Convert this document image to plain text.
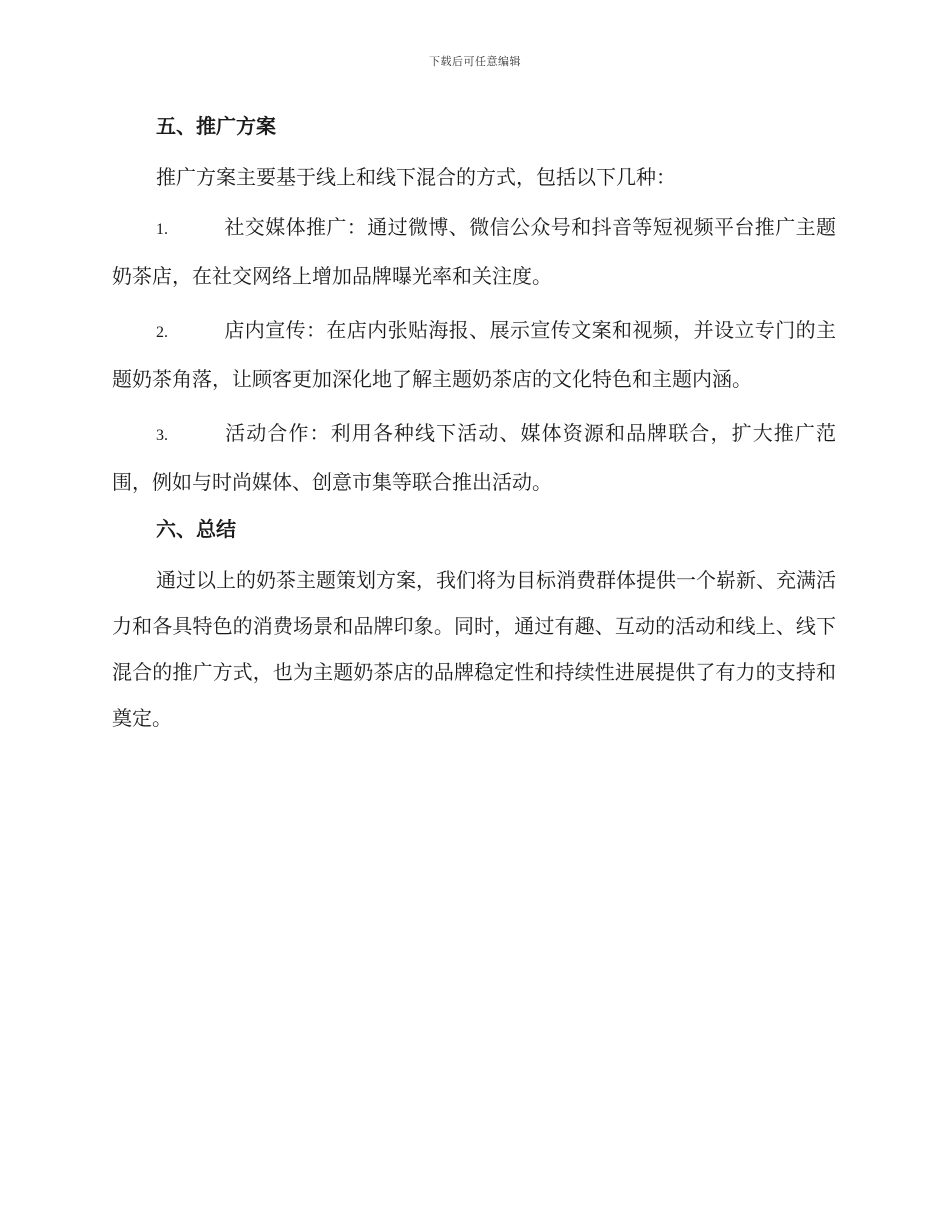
下载后可任意编辑
五、推广方案

推广方案主要基于线上和线下混合的方式，包括以下几种：

1.	社交媒体推广：通过微博、微信公众号和抖音等短视频平台推广主题奶茶店，在社交网络上增加品牌曝光率和关注度。

2.	店内宣传：在店内张贴海报、展示宣传文案和视频，并设立专门的主题奶茶角落，让顾客更加深化地了解主题奶茶店的文化特色和主题内涵。

3.	活动合作：利用各种线下活动、媒体资源和品牌联合，扩大推广范围，例如与时尚媒体、创意市集等联合推出活动。

六、总结

通过以上的奶茶主题策划方案，我们将为目标消费群体提供一个崭新、充满活力和各具特色的消费场景和品牌印象。同时，通过有趣、互动的活动和线上、线下混合的推广方式，也为主题奶茶店的品牌稳定性和持续性进展提供了有力的支持和奠定。
